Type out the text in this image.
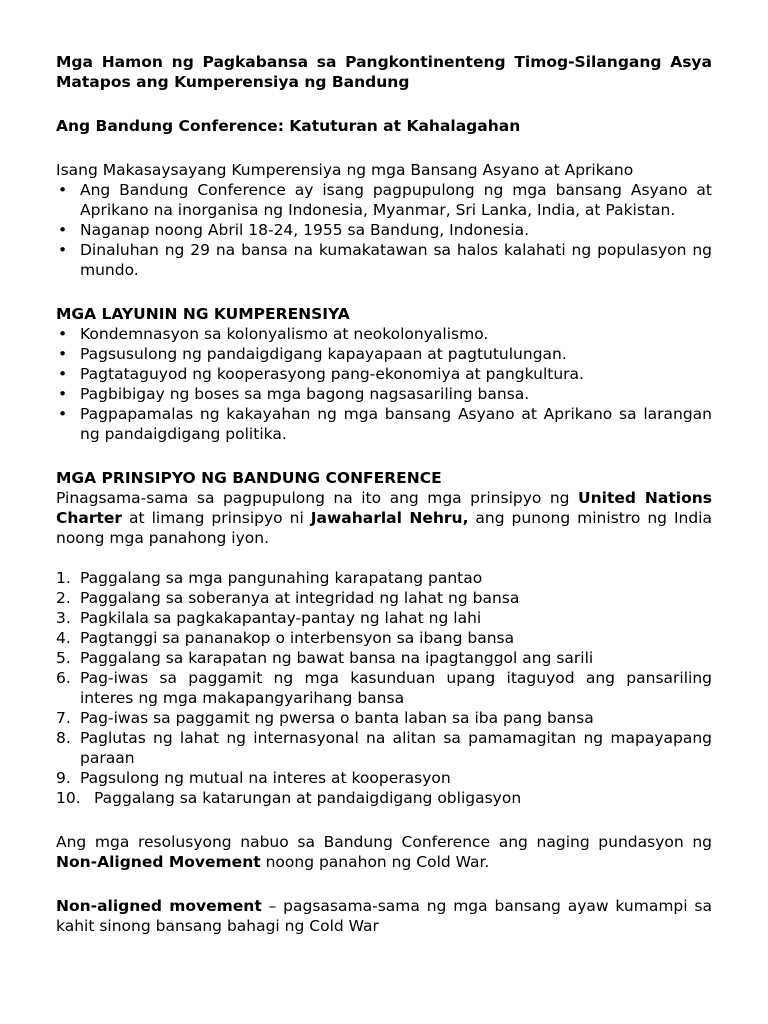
Mga Hamon ng Pagkabansa sa Pangkontinenteng Timog-Silangang Asya Matapos ang Kumperensiya ng Bandung

Ang Bandung Conference: Katuturan at Kahalagahan

Isang Makasaysayang Kumperensiya ng mga Bansang Asyano at Aprikano

• Ang Bandung Conference ay isang pagpupulong ng mga bansang Asyano at Aprikano na inorganisa ng Indonesia, Myanmar, Sri Lanka, India, at Pakistan.
• Naganap noong Abril 18-24, 1955 sa Bandung, Indonesia.
• Dinaluhan ng 29 na bansa na kumakatawan sa halos kalahati ng populasyon ng mundo.

MGA LAYUNIN NG KUMPERENSIYA

• Kondemnasyon sa kolonyalismo at neokolonyalismo.
• Pagsusulong ng pandaigdigang kapayapaan at pagtutulungan.
• Pagtataguyod ng kooperasyong pang-ekonomiya at pangkultura.
• Pagbibigay ng boses sa mga bagong nagsasariling bansa.
• Pagpapamalas ng kakayahan ng mga bansang Asyano at Aprikano sa larangan ng pandaigdigang politika.

MGA PRINSIPYO NG BANDUNG CONFERENCE

Pinagsama-sama sa pagpupulong na ito ang mga prinsipyo ng United Nations Charter at limang prinsipyo ni Jawaharlal Nehru, ang punong ministro ng India noong mga panahong iyon.

1. Paggalang sa mga pangunahing karapatang pantao
2. Paggalang sa soberanya at integridad ng lahat ng bansa
3. Pagkilala sa pagkakapantay-pantay ng lahat ng lahi
4. Pagtanggi sa pananakop o interbensyon sa ibang bansa
5. Paggalang sa karapatan ng bawat bansa na ipagtanggol ang sarili
6. Pag-iwas sa paggamit ng mga kasunduan upang itaguyod ang pansariling interes ng mga makapangyarihang bansa
7. Pag-iwas sa paggamit ng pwersa o banta laban sa iba pang bansa
8. Paglutas ng lahat ng internasyonal na alitan sa pamamagitan ng mapayapang paraan
9. Pagsulong ng mutual na interes at kooperasyon
10. Paggalang sa katarungan at pandaigdigang obligasyon

Ang mga resolusyong nabuo sa Bandung Conference ang naging pundasyon ng Non-Aligned Movement noong panahon ng Cold War.

Non-aligned movement – pagsasama-sama ng mga bansang ayaw kumampi sa kahit sinong bansang bahagi ng Cold War
